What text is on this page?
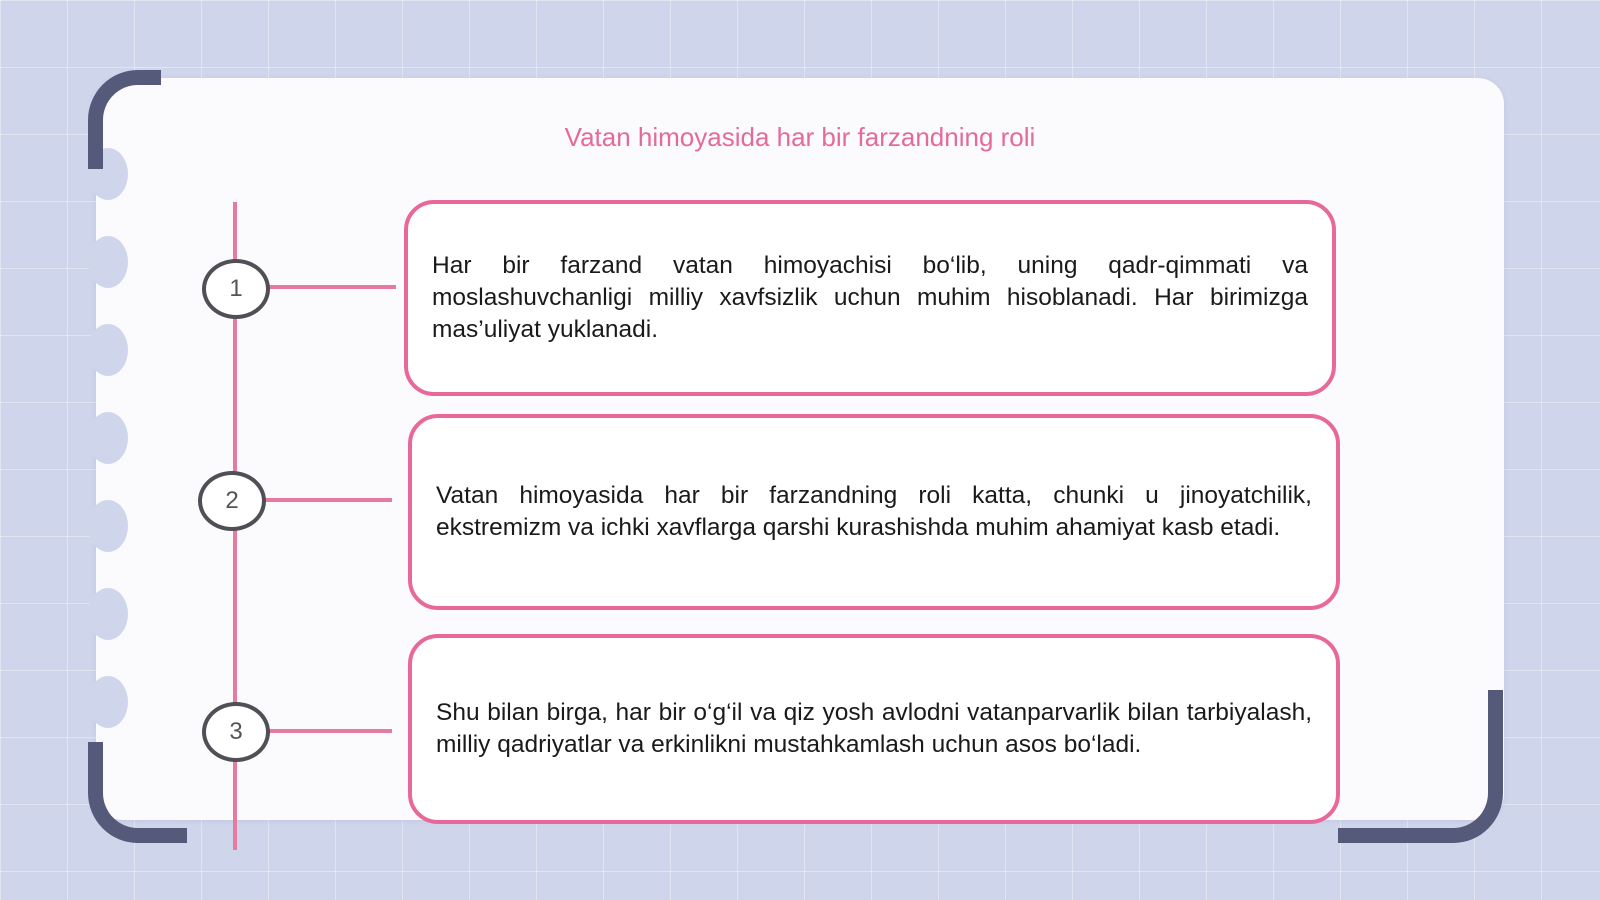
Vatan himoyasida har bir farzandning roli
1

Har bir farzand vatan himoyachisi bo‘lib, uning qadr-qimmati va moslashuvchanligi milliy xavfsizlik uchun muhim hisoblanadi. Har birimizga mas’uliyat yuklanadi.

2	Vatan himoyasida har bir farzandning roli katta, chunki u jinoyatchilik, ekstremizm va ichki xavflarga qarshi kurashishda muhim ahamiyat kasb etadi.

3

Shu bilan birga, har bir o‘g‘il va qiz yosh avlodni vatanparvarlik bilan tarbiyalash, milliy qadriyatlar va erkinlikni mustahkamlash uchun asos bo‘ladi.
